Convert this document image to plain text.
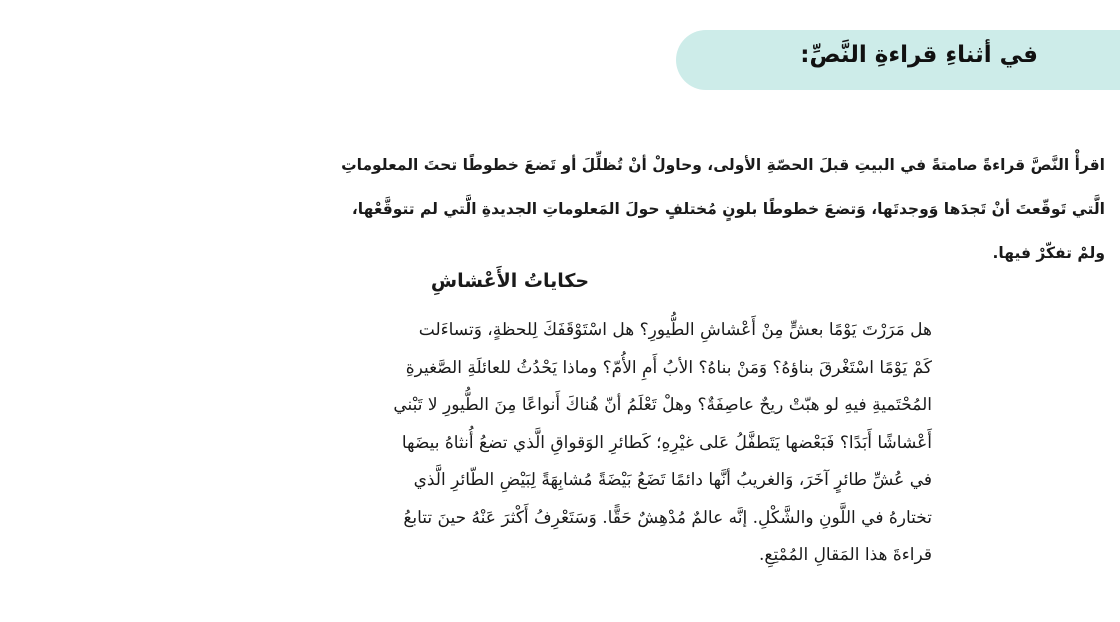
في أثناءِ قراءةِ النَّصِّ:
اقرأْ النَّصَّ قراءةً صامتةً في البيتِ قبلَ الحصّةِ الأولى، وحاولْ أنْ تُظلِّلَ أو تَضعَ خطوطًا تحتَ المعلوماتِ
الَّتي تَوقّعتَ أنْ تَجدَها وَوجدتَها، وَتضعَ خطوطًا بلونٍ مُختلفٍ حولَ المَعلوماتِ الجديدةِ الَّتي لم تتوقَّعْها،
ولمْ تفكّرْ فيها.
حكاياتُ الأَعْشاشِ
هل مَرَرْتَ يَوْمًا بعشٍّ مِنْ أَعْشاشِ الطُّيورِ؟ هل اسْتَوْقَفَكَ لِلحظةٍ، وَتساءَلت
كَمْ يَوْمًا اسْتَغْرقَ بناؤهُ؟ وَمَنْ بناهُ؟ الأبُ أَمِ الأُمّ؟ وماذا يَحْدُثُ للعائلَةِ الصَّغيرةِ
المُحْتَميةِ فيهِ لو هبّتْ ريحٌ عاصِفَةٌ؟ وهلْ تَعْلَمُ أنّ هُناكَ أَنواعًا مِنَ الطُّيورِ لا تَبْني
أَعْشاشًا أَبَدًا؟ فَبَعْضها يَتَطفَّلُ عَلى غيْرِهِ؛ كَطائرِ الوَقواقِ الَّذي تضعُ أُنثاهُ بيضَها
في عُشِّ طائرٍ آخَرَ، وَالغريبُ أنَّها دائمًا تَضَعُ بَيْضَةً مُشابِهَةً لِبَيْضِ الطّائرِ الَّذي
تختارهُ في اللَّونِ والشَّكْلِ. إنَّه عالمٌ مُدْهِشٌ حَقًّا. وَسَتَعْرِفُ أَكْثرَ عَنْهُ حينَ تتابعُ
قراءةَ هذا المَقالِ المُمْتِعِ.
